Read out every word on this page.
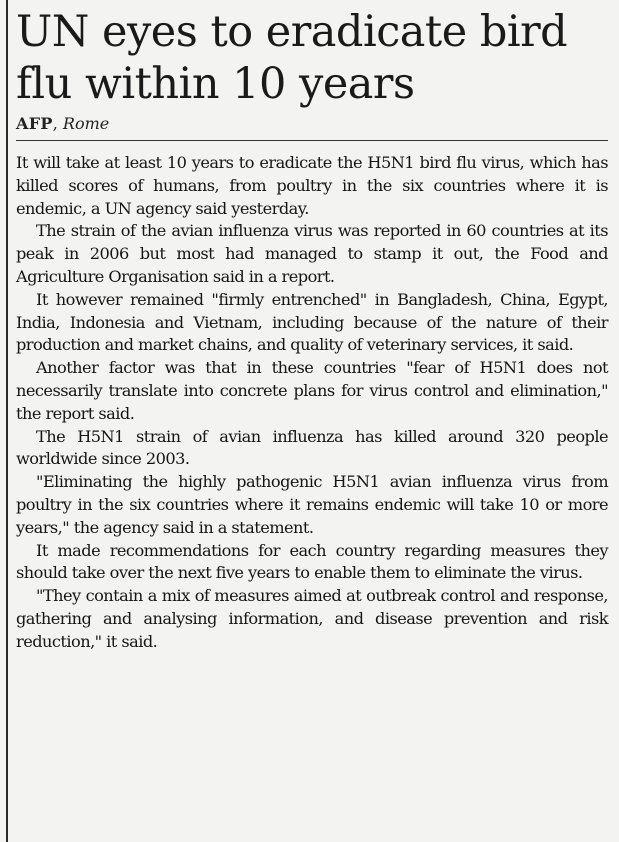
UN eyes to eradicate bird
flu within 10 years
AFP, Rome

It will take at least 10 years to eradicate the H5N1 bird flu virus, which has killed scores of humans, from poultry in the six countries where it is endemic, a UN agency said yesterday.

The strain of the avian influenza virus was reported in 60 countries at its peak in 2006 but most had managed to stamp it out, the Food and Agriculture Organisation said in a report.

It however remained "firmly entrenched" in Bangladesh, China, Egypt, India, Indonesia and Vietnam, including because of the nature of their production and market chains, and quality of veterinary services, it said.

Another factor was that in these countries "fear of H5N1 does not necessarily translate into concrete plans for virus control and elimination," the report said.

The H5N1 strain of avian influenza has killed around 320 people worldwide since 2003.

"Eliminating the highly pathogenic H5N1 avian influenza virus from poultry in the six countries where it remains endemic will take 10 or more years," the agency said in a statement.

It made recommendations for each country regarding measures they should take over the next five years to enable them to eliminate the virus.

"They contain a mix of measures aimed at outbreak control and response, gathering and analysing information, and disease prevention and risk reduction," it said.
